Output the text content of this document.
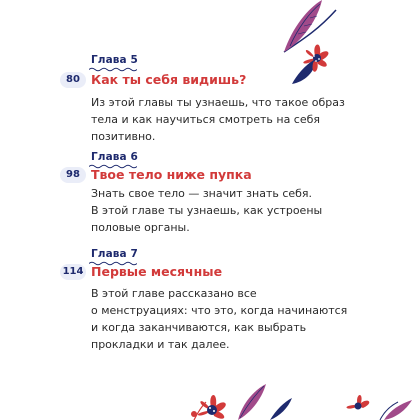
Глава 5
80 Как ты себя видишь?
Из этой главы ты узнаешь, что такое образ
тела и как научиться смотреть на себя
позитивно.
Глава 6
98 Твое тело ниже пупка
Знать свое тело — значит знать себя.
В этой главе ты узнаешь, как устроены
половые органы.
Глава 7
114 Первые месячные
В этой главе рассказано все
о менструациях: что это, когда начинаются
и когда заканчиваются, как выбрать
прокладки и так далее.
